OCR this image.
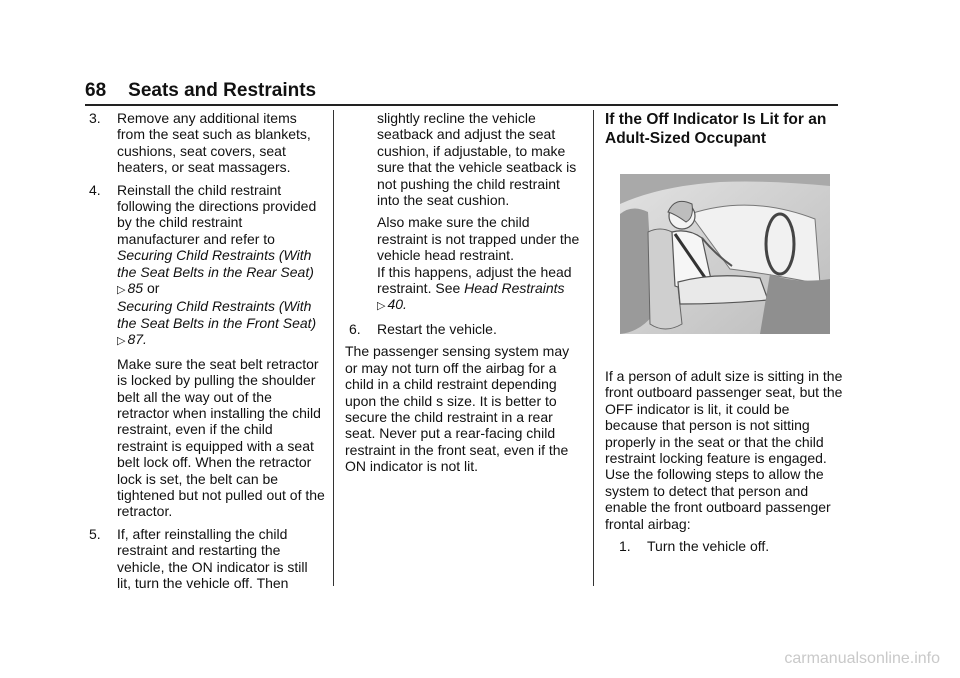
68 Seats and Restraints
3. Remove any additional items from the seat such as blankets, cushions, seat covers, seat heaters, or seat massagers.
4. Reinstall the child restraint following the directions provided by the child restraint manufacturer and refer to
Securing Child Restraints (With the Seat Belts in the Rear Seat) ▷ 85 or
Securing Child Restraints (With the Seat Belts in the Front Seat) ▷ 87.
Make sure the seat belt retractor is locked by pulling the shoulder belt all the way out of the retractor when installing the child restraint, even if the child restraint is equipped with a seat belt lock off. When the retractor lock is set, the belt can be tightened but not pulled out of the retractor.
5. If, after reinstalling the child restraint and restarting the vehicle, the ON indicator is still lit, turn the vehicle off. Then
slightly recline the vehicle seatback and adjust the seat cushion, if adjustable, to make sure that the vehicle seatback is not pushing the child restraint into the seat cushion.
Also make sure the child restraint is not trapped under the vehicle head restraint.
If this happens, adjust the head restraint. See Head Restraints
▷ 40.
6. Restart the vehicle.

The passenger sensing system may or may not turn off the airbag for a child in a child restraint depending upon the child s size. It is better to secure the child restraint in a rear seat. Never put a rear-facing child restraint in the front seat, even if the ON indicator is not lit.

If the Off Indicator Is Lit for an Adult-Sized Occupant

If a person of adult size is sitting in the front outboard passenger seat, but the OFF indicator is lit, it could be because that person is not sitting properly in the seat or that the child restraint locking feature is engaged. Use the following steps to allow the system to detect that person and enable the front outboard passenger frontal airbag:

1. Turn the vehicle off.
carmanualsonline.info
